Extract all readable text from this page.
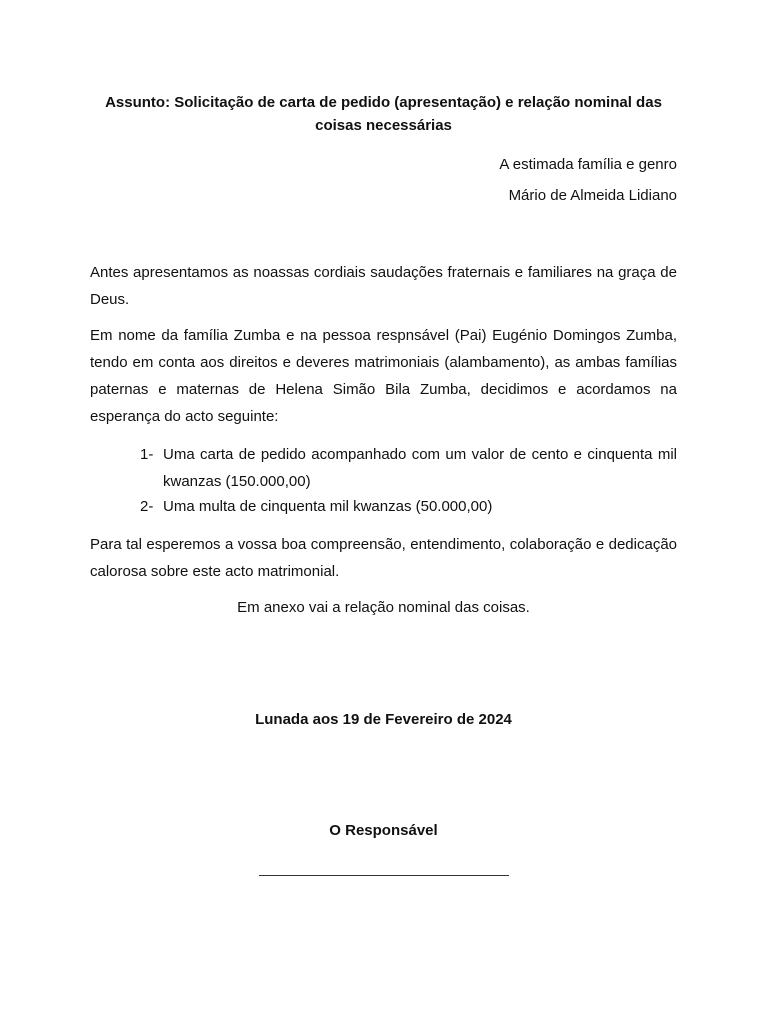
Assunto: Solicitação de carta de pedido (apresentação) e relação nominal das coisas necessárias
A estimada família e genro
Mário de Almeida Lidiano
Antes apresentamos as noassas cordiais saudações fraternais e familiares na graça de Deus.
Em nome da família Zumba e na pessoa respnsável (Pai) Eugénio Domingos Zumba, tendo em conta aos direitos e deveres matrimoniais (alambamento), as ambas famílias paternas e maternas de Helena Simão Bila Zumba, decidimos e acordamos na esperança do acto seguinte:
1- Uma carta de pedido acompanhado com um valor de cento e cinquenta mil kwanzas (150.000,00)
2- Uma multa de cinquenta mil kwanzas (50.000,00)
Para tal esperemos a vossa boa compreensão, entendimento, colaboração e dedicação calorosa sobre este acto matrimonial.
Em anexo vai a relação nominal das coisas.
Lunada aos 19 de Fevereiro de 2024
O Responsável
